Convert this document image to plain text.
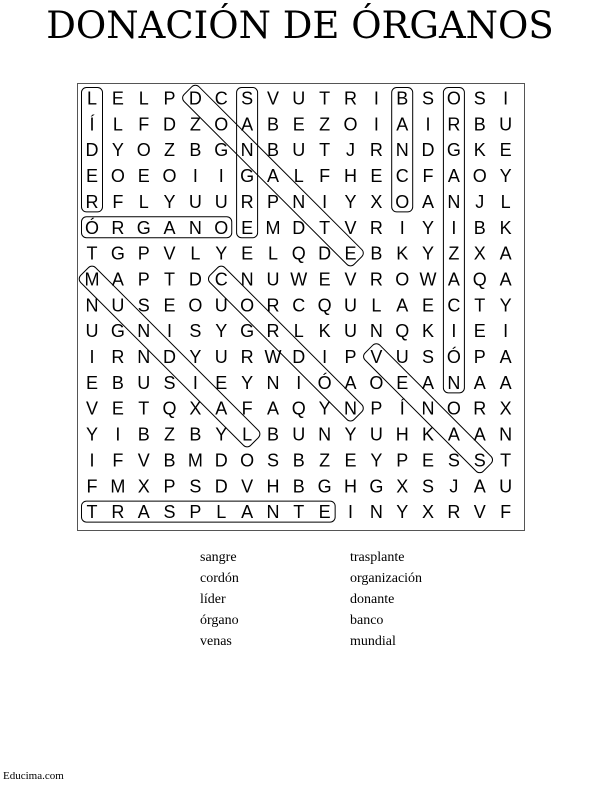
DONACIÓN DE ÓRGANOS
L E L P D C S V U T R I B S O S I
Í L F D Z O A B E Z O I A I R B U
D Y O Z B G N B U T J R N D G K E
E O E O I I G A L F H E C F A O Y
R F L Y U U R P N I Y X O A N J L
Ó R G A N O E M D T V R I Y I B K
T G P V L Y E L Q D E B K Y Z X A
M A P T D C N U W E V R O W A Q A
N U S E O U O R C Q U L A E C T Y
U G N I S Y G R L K U N Q K I E I
I R N D Y U R W D I P V U S Ó P A
E B U S I E Y N I Ó A O E A N A A
V E T Q X A F A Q Y N P Í N O R X
Y I B Z B Y L B U N Y U H K A A N
I F V B M D O S B Z E Y P E S S T
F M X P S D V H B G H G X S J A U
T R A S P L A N T E I N Y X R V F
sangre
cordón
líder
órgano
venas
trasplante
organización
donante
banco
mundial
Educima.com
